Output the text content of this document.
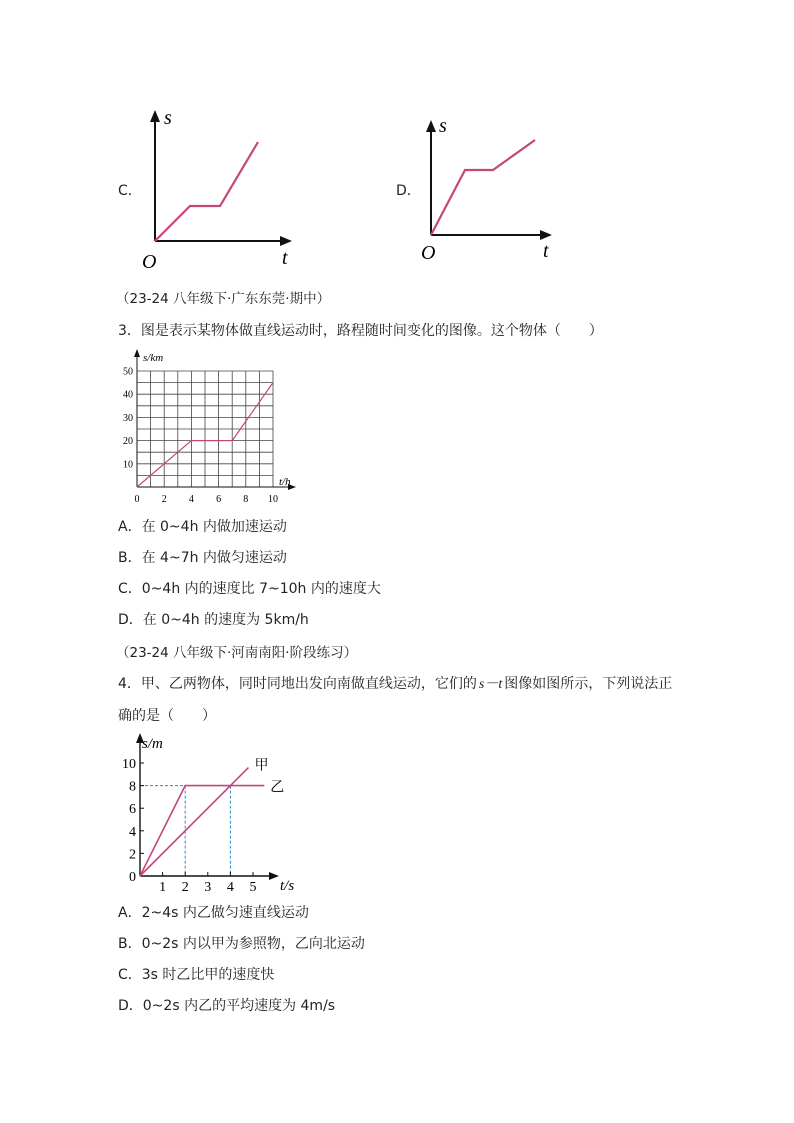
C．
s
t
O
D．
s
t
O
（23-24 八年级下·广东东莞·期中）
3．图是表示某物体做直线运动时，路程随时间变化的图像。这个物体（　　）
0 2 4 6 8 10
10
20
30
40
50
s/km
t/h
A．在 0~4h 内做加速运动
B．在 4~7h 内做匀速运动
C．0~4h 内的速度比 7~10h 内的速度大
D．在 0~4h 的速度为 5km/h
（23-24 八年级下·河南南阳·阶段练习）
4．甲、乙两物体，同时同地出发向南做直线运动，它们的 s－t 图像如图所示，下列说法正
确的是（　　）
1 2 3 4 5
0
2
4
6
8
10	甲
乙
s/m
t/s
A．2~4s 内乙做匀速直线运动
B．0~2s 内以甲为参照物，乙向北运动
C．3s 时乙比甲的速度快
D．0~2s 内乙的平均速度为 4m/s
